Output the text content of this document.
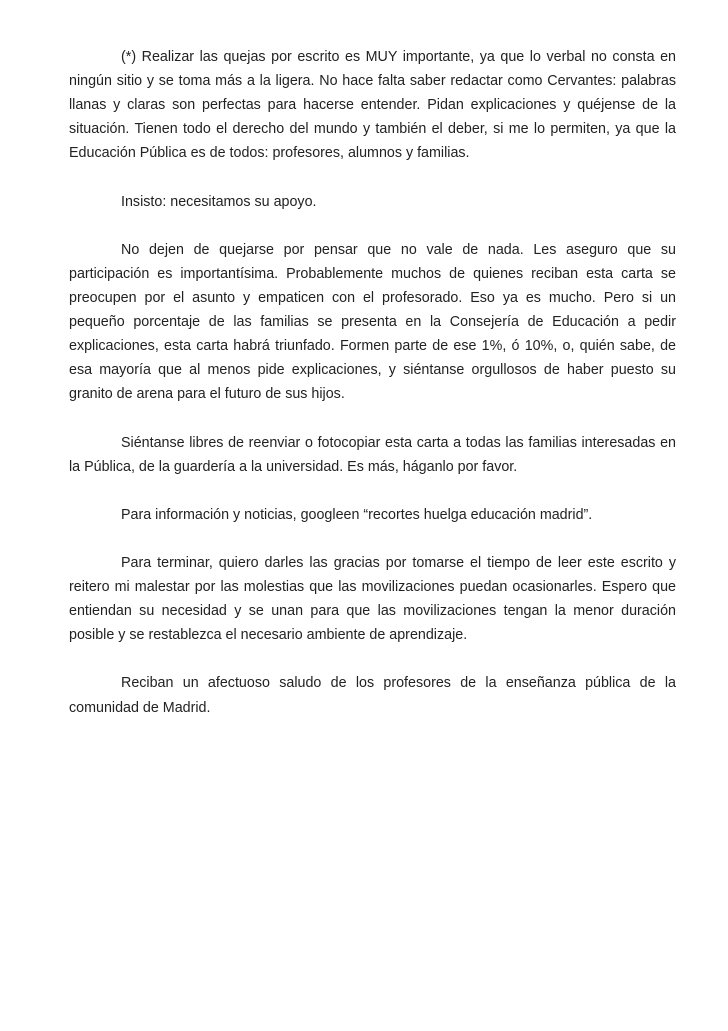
(*) Realizar las quejas por escrito es MUY importante, ya que lo verbal no consta en ningún sitio y se toma más a la ligera. No hace falta saber redactar como Cervantes: palabras llanas y claras son perfectas para hacerse entender. Pidan explicaciones y quéjense de la situación. Tienen todo el derecho del mundo y también el deber, si me lo permiten, ya que la Educación Pública es de todos: profesores, alumnos y familias.

Insisto: necesitamos su apoyo.

No dejen de quejarse por pensar que no vale de nada. Les aseguro que su participación es importantísima. Probablemente muchos de quienes reciban esta carta se preocupen por el asunto y empaticen con el profesorado. Eso ya es mucho. Pero si un pequeño porcentaje de las familias se presenta en la Consejería de Educación a pedir explicaciones, esta carta habrá triunfado. Formen parte de ese 1%, ó 10%, o, quién sabe, de esa mayoría que al menos pide explicaciones, y siéntanse orgullosos de haber puesto su granito de arena para el futuro de sus hijos.

Siéntanse libres de reenviar o fotocopiar esta carta a todas las familias interesadas en la Pública, de la guardería a la universidad. Es más, háganlo por favor.

Para información y noticias, googleen “recortes huelga educación madrid”.

Para terminar, quiero darles las gracias por tomarse el tiempo de leer este escrito y reitero mi malestar por las molestias que las movilizaciones puedan ocasionarles. Espero que entiendan su necesidad y se unan para que las movilizaciones tengan la menor duración posible y se restablezca el necesario ambiente de aprendizaje.

Reciban un afectuoso saludo de los profesores de la enseñanza pública de la comunidad de Madrid.
